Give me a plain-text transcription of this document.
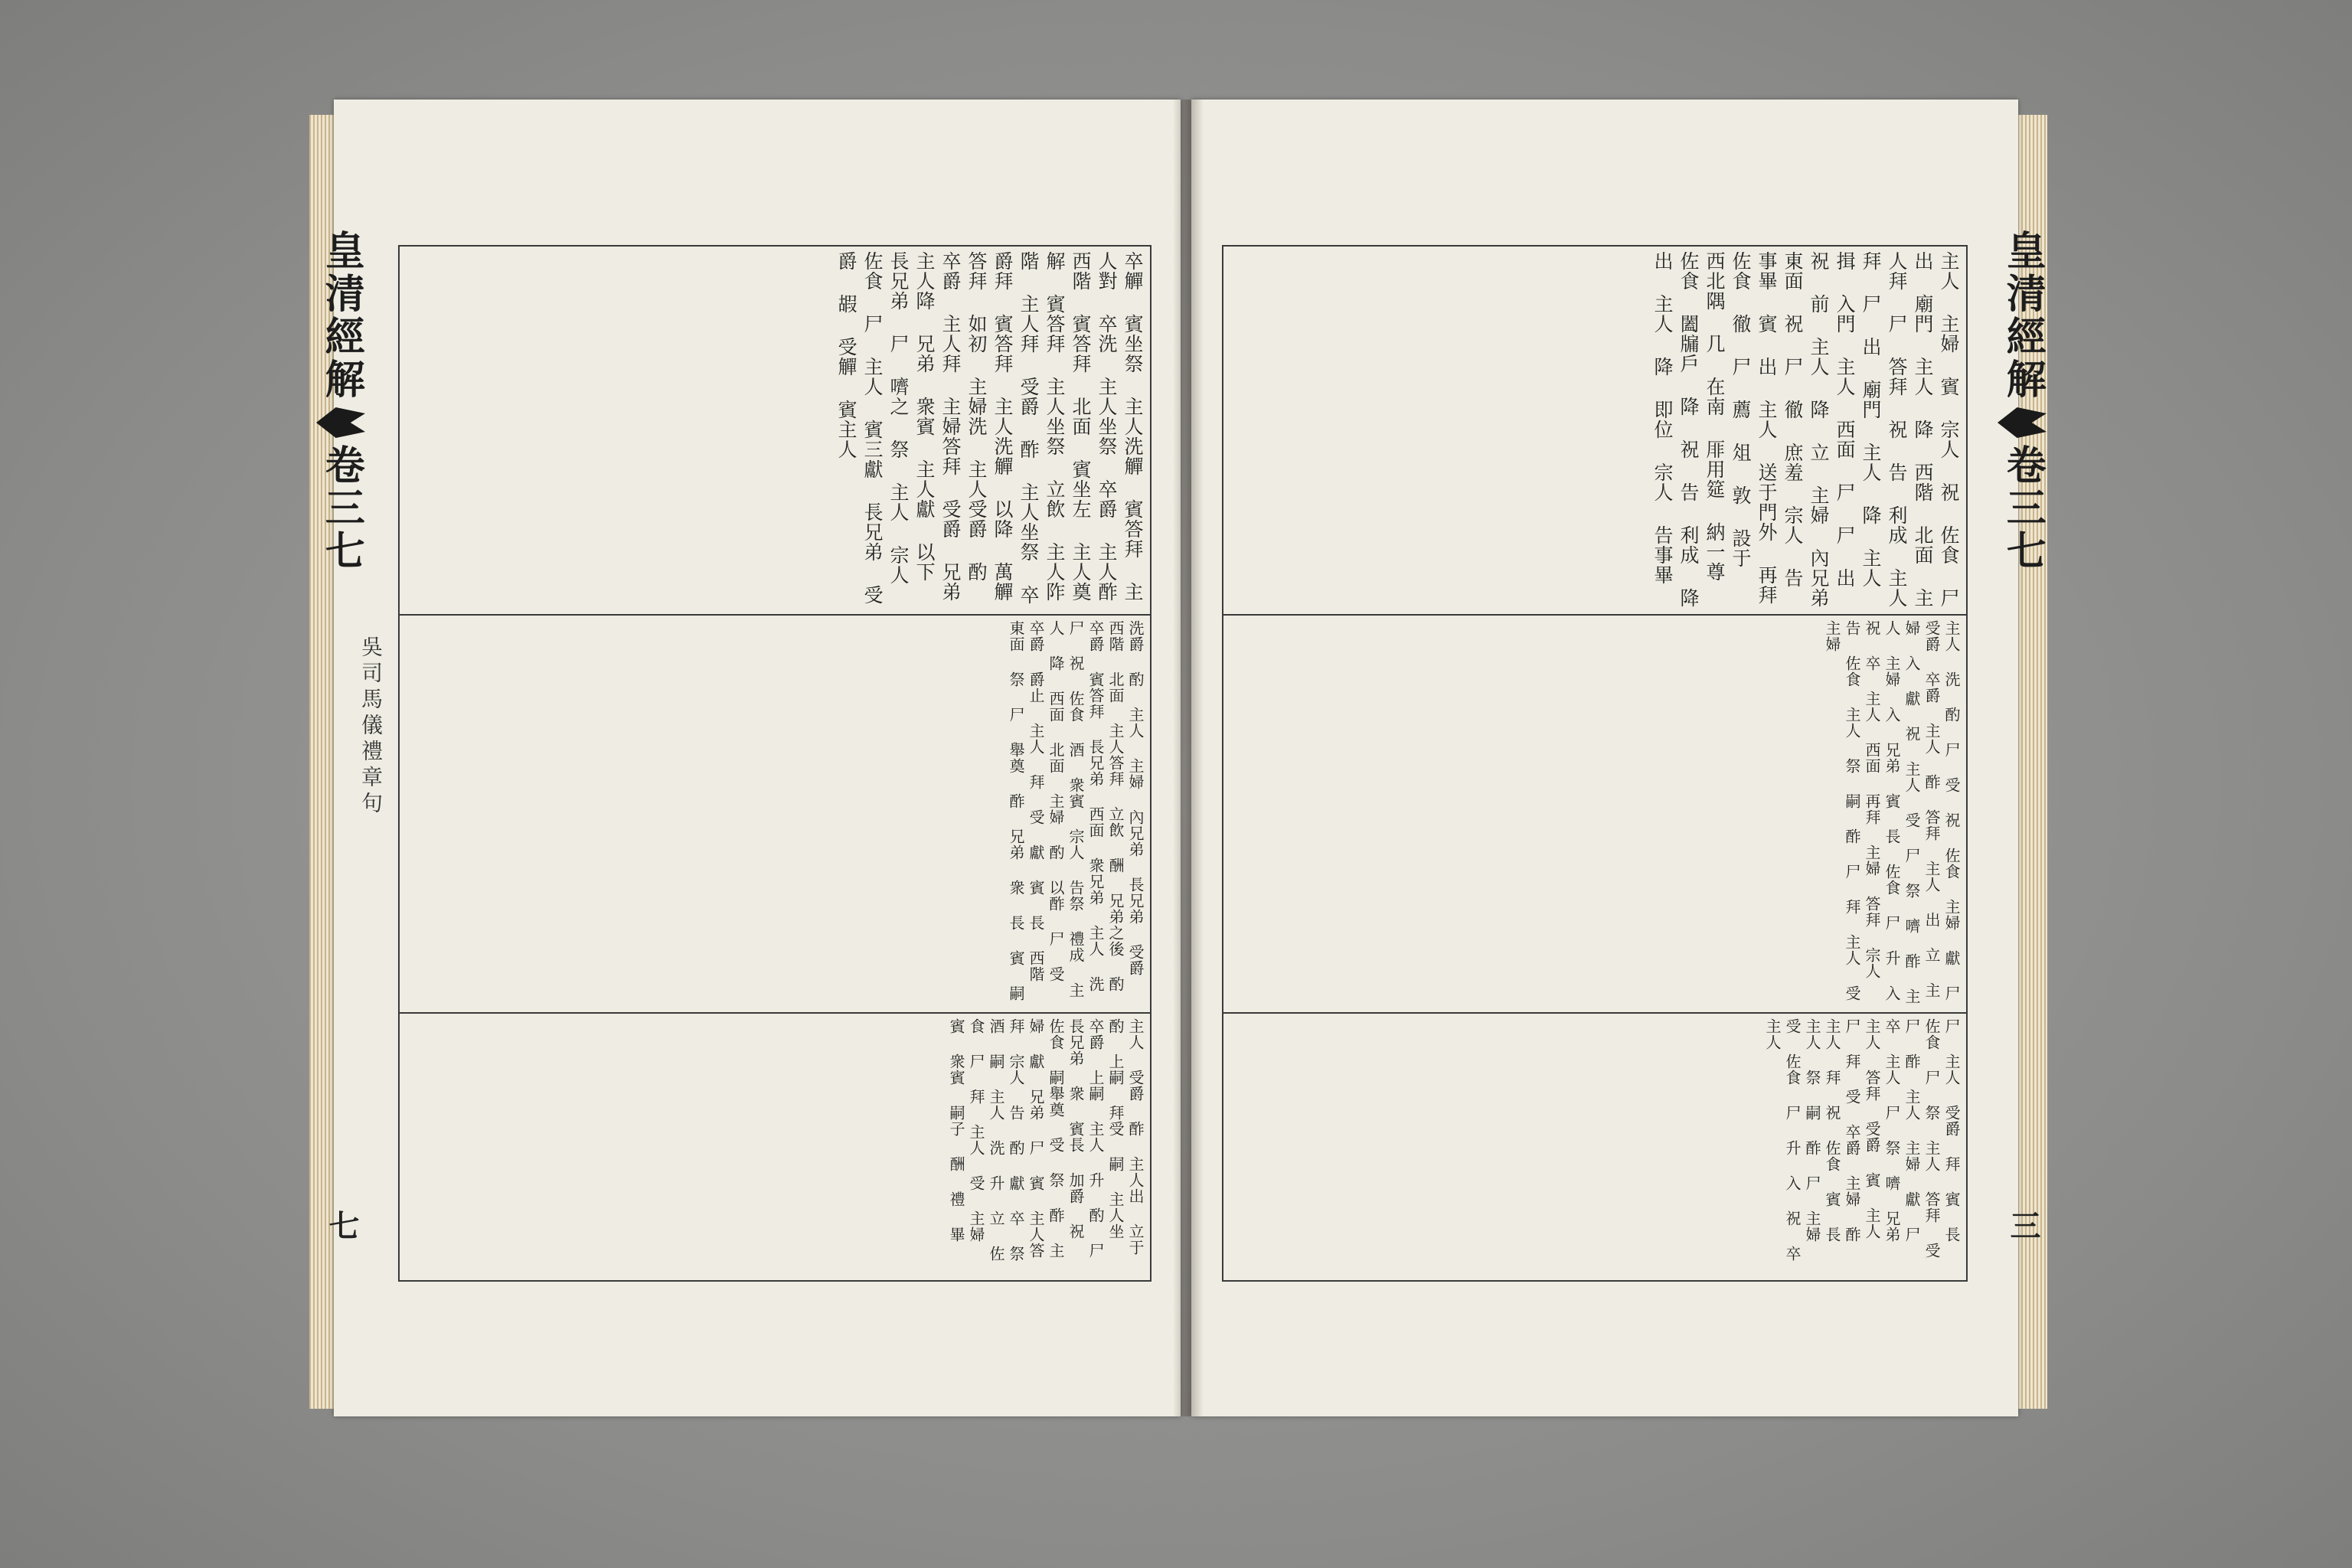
卒觶 賓坐祭 主人洗觶 賓答拜 主人對 卒洗 主人坐祭 卒爵 主人酢 西階 賓答拜 北面 賓坐左 主人奠解 賓答拜 主人坐祭 立飲 主人阼階 主人拜 受爵 酢 主人坐祭 卒爵拜 賓答拜 主人洗觶 以降 萬觶 答拜 如初 主婦洗 主人受爵 酌 卒爵 主人拜 主婦答拜 受爵 兄弟 主人降 兄弟 衆賓 主人獻 以下 長兄弟 尸 嚌之 祭 主人 宗人 佐食 尸 主人 賓三獻 長兄弟 受爵 嘏 受觶 賓主人
洗爵 酌 主人 主婦 內兄弟 長兄弟 受爵 西階 北面 主人答拜 立飲 酬 兄弟之後 酌 卒爵 賓答拜 長兄弟 西面 衆兄弟 主人 洗 尸 祝 佐食 酒 衆賓 宗人 告祭 禮成 主人 降 西面 北面 主婦 酌 以酢 尸 受 卒爵 爵止 主人 拜 受 獻 賓 長 西階 東面 祭 尸 舉奠 酢 兄弟 衆 長 賓 嗣
主人 受爵 酢 主人出 立于 酌 上嗣 拜受 嗣 主人坐 卒爵 上嗣 主人 升 酌 尸 長兄弟 衆 賓長 加爵 祝 佐食 嗣舉奠 受 祭 酢 主婦 獻 兄弟 尸 賓 主人答拜 宗人 告 酌 獻 卒 祭酒 嗣 主人 洗 升 立 佐食 尸 拜 主人 受 主婦 賓 衆賓 嗣子 酬 禮 畢
吳司馬儀禮章句
主人 主婦 賓 宗人 祝 佐食 尸 出 廟門 主人 降 西階 北面 主人拜 尸 答拜 祝 告 利成 主人 拜 尸 出 廟門 主人 降 主人 揖 入門 主人 西面 尸 尸 出 祝 前 主人 降 立 主婦 內兄弟 東面 祝 尸 徹 庶羞 宗人 告 事畢 賓 出 主人 送于門外 再拜 佐食 徹 尸 薦 俎 敦 設于 西北隅 几 在南 厞用筵 納一尊 佐食 闔牖戶 降 祝 告 利成 降 出 主人 降 即位 宗人 告事畢
主人 洗 酌 尸 受 祝 佐食 主婦 獻 尸 受爵 卒爵 主人 酢 答拜 主人 出 立 主婦 入 獻 祝 主人 受 尸 祭 嚌 酢 主人 主婦 入 兄弟 賓 長 佐食 尸 升 入 祝 卒 主人 西面 再拜 主婦 答拜 宗人 告 佐食 主人 祭 嗣 酢 尸 拜 主人 受 主婦
尸 主人 受爵 拜 賓 長 佐食 尸 祭 主人 答拜 受 尸 酢 主人 主婦 獻 尸 卒 主人 尸 祭 嚌 兄弟 主人 答拜 受爵 賓 主人 尸 拜 受 卒爵 主婦 酢 主人 拜 祝 佐食 賓 長 主人 祭 嗣 酢 尸 主婦 受 佐食 尸 升 入 祝 卒 主人
皇清經解
卷三七
皇清經解
卷三七
七	三
